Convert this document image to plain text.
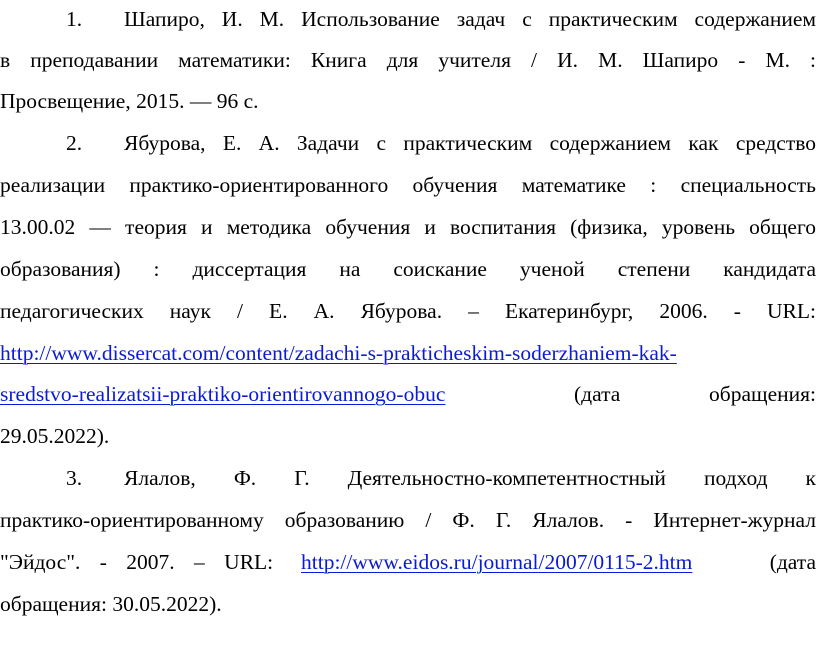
1. Шапиро, И. М. Использование задач с практическим содержанием
в преподавании математики: Книга для учителя / И. М. Шапиро - М. :
Просвещение, 2015. — 96 с.
2. Ябурова, Е. А. Задачи с практическим содержанием как средство
реализации практико-ориентированного обучения математике : специальность
13.00.02 — теория и методика обучения и воспитания (физика, уровень общего
образования) : диссертация на соискание ученой степени кандидата
педагогических наук / Е. А. Ябурова. – Екатеринбург, 2006. - URL:
http://www.dissercat.com/content/zadachi-s-prakticheskim-soderzhaniem-kak-
sredstvo-realizatsii-praktiko-orientirovannogo-obuc	(дата	обращения:
29.05.2022).
3. Ялалов, Ф. Г. Деятельностно-компетентностный подход к
практико-ориентированному образованию / Ф. Г. Ялалов. - Интернет-журнал
"Эйдос". - 2007. – URL: http://www.eidos.ru/journal/2007/0115-2.htm	(дата
обращения: 30.05.2022).
